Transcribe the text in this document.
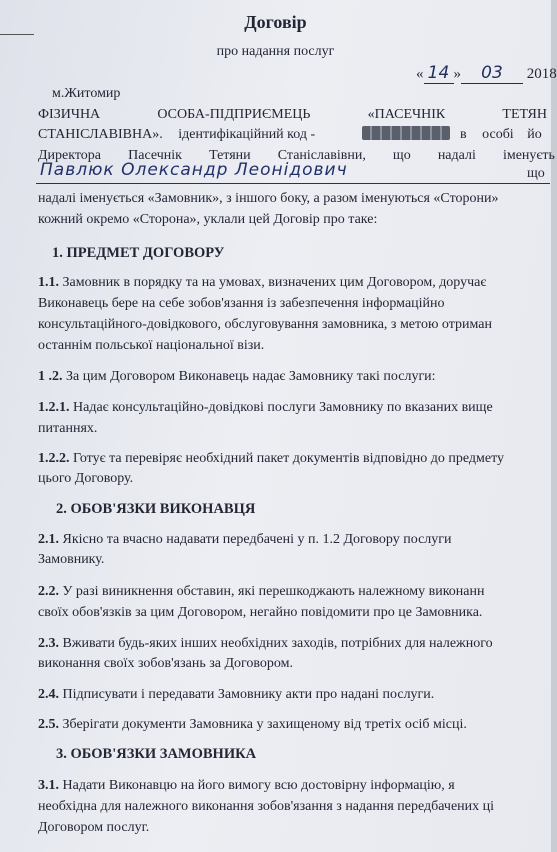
Договір
про надання послуг
« 14 » 03 2018
м.Житомир
ФІЗИЧНА	ОСОБА-ПІДПРИЄМЕЦЬ	«ПАСЕЧНІК	ТЕТЯН
СТАНІСЛАВІВНА». ідентифікаційний код -	в особі йо
Директора Пасечнік Тетяни Станіславівни, що надалі іменуєть
Павлюк Олександр Леонідович	що
надалі іменується «Замовник», з іншого боку, а разом іменуються «Сторони»
кожний окремо «Сторона», уклали цей Договір про таке:
1. ПРЕДМЕТ ДОГОВОРУ
1.1. Замовник в порядку та на умовах, визначених цим Договором, доручає
Виконавець бере на себе зобов'язання із забезпечення інформаційно
консультаційного-довідкового, обслуговування замовника, з метою отриман
останнім польської національної візи.
1 .2. За цим Договором Виконавець надає Замовнику такі послуги:
1.2.1. Надає консультаційно-довідкові послуги Замовнику по вказаних вище
питаннях.
1.2.2. Готує та перевіряє необхідний пакет документів відповідно до предмету
цього Договору.
2. ОБОВ'ЯЗКИ ВИКОНАВЦЯ
2.1. Якісно та вчасно надавати передбачені у п. 1.2 Договору послуги
Замовнику.
2.2. У разі виникнення обставин, які перешкоджають належному виконанн
своїх обов'язків за цим Договором, негайно повідомити про це Замовника.
2.3. Вживати будь-яких інших необхідних заходів, потрібних для належного
виконання своїх зобов'язань за Договором.
2.4. Підписувати і передавати Замовнику акти про надані послуги.
2.5. Зберігати документи Замовника у захищеному від третіх осіб місці.
3. ОБОВ'ЯЗКИ ЗАМОВНИКА
3.1. Надати Виконавцю на його вимогу всю достовірну інформацію, я
необхідна для належного виконання зобов'язання з надання передбачених ці
Договором послуг.
